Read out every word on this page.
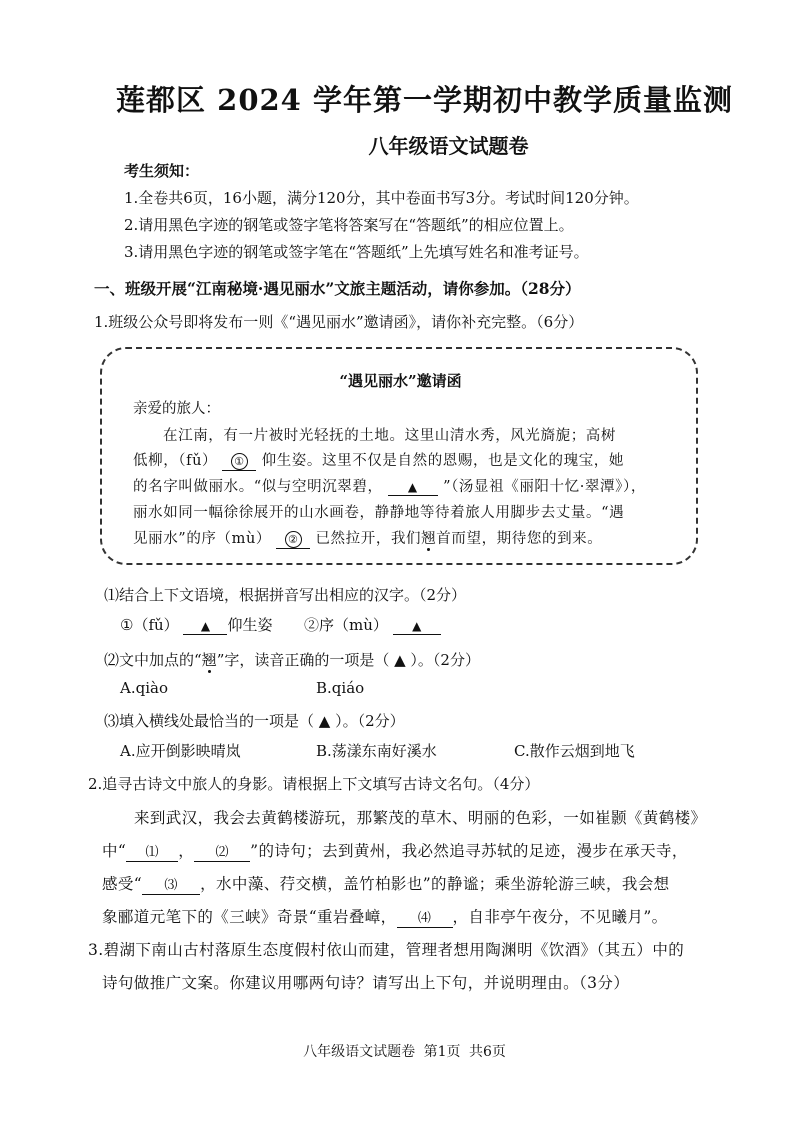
莲都区 2024 学年第一学期初中教学质量监测
八年级语文试题卷
考生须知：
1.全卷共6页，16小题，满分120分，其中卷面书写3分。考试时间120分钟。
2.请用黑色字迹的钢笔或签字笔将答案写在“答题纸”的相应位置上。
3.请用黑色字迹的钢笔或签字笔在“答题纸”上先填写姓名和准考证号。
一、班级开展“江南秘境·遇见丽水”文旅主题活动，请你参加。（28分）
1.班级公众号即将发布一则《“遇见丽水”邀请函》，请你补充完整。（6分）
“遇见丽水”邀请函
亲爱的旅人：
在江南，有一片被时光轻抚的土地。这里山清水秀，风光旖旎；高树
低柳，（fǔ） ① 仰生姿。这里不仅是自然的恩赐，也是文化的瑰宝，她
的名字叫做丽水。“似与空明沉翠碧， ▲ ”（汤显祖《丽阳十忆·翠潭》），
丽水如同一幅徐徐展开的山水画卷，静静地等待着旅人用脚步去丈量。“遇
见丽水”的序（mù） ② 已然拉开，我们翘首而望，期待您的到来。
⑴结合上下文语境，根据拼音写出相应的汉字。（2分）
①（fǔ） ▲ 仰生姿 ②序（mù） ▲
⑵文中加点的“翘”字，读音正确的一项是（ ▲ ）。（2分）
A.qiào	B.qiáo
⑶填入横线处最恰当的一项是（ ▲ ）。（2分）
A.应开倒影映晴岚	B.荡漾东南好溪水	C.散作云烟到地飞
2.追寻古诗文中旅人的身影。请根据上下文填写古诗文名句。（4分）
来到武汉，我会去黄鹤楼游玩，那繁茂的草木、明丽的色彩，一如崔颢《黄鹤楼》
中“ ⑴ ， ⑵ ”的诗句；去到黄州，我必然追寻苏轼的足迹，漫步在承天寺，
感受“ ⑶ ，水中藻、荇交横，盖竹柏影也”的静谧；乘坐游轮游三峡，我会想
象郦道元笔下的《三峡》奇景“重岩叠嶂， ⑷ ，自非亭午夜分，不见曦月”。
3.碧湖下南山古村落原生态度假村依山而建，管理者想用陶渊明《饮酒》（其五）中的
诗句做推广文案。你建议用哪两句诗？请写出上下句，并说明理由。（3分）
八年级语文试题卷 第1页 共6页
